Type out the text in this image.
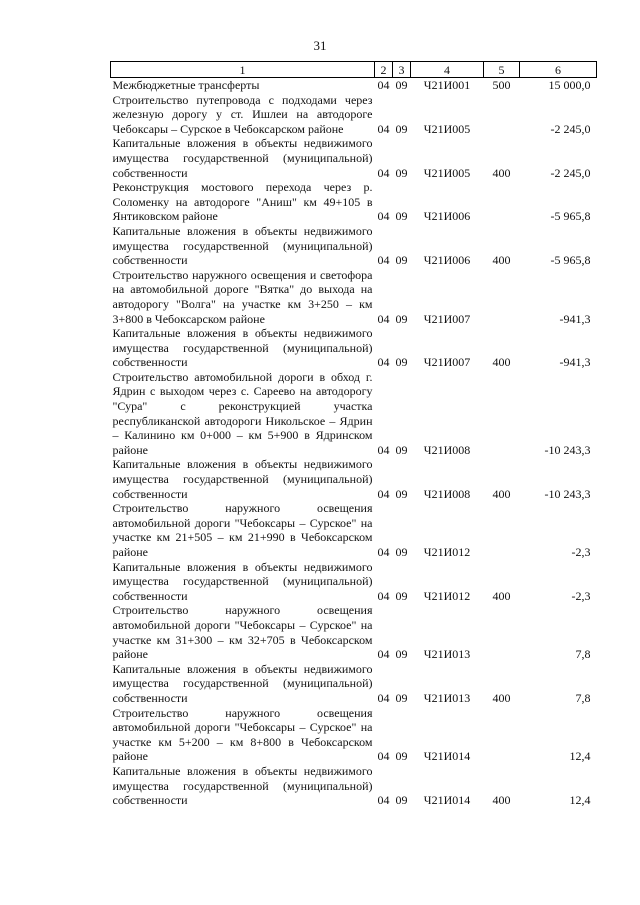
31
1	2	3	4	5	6
Межбюджетные трансферты	04	09	Ч21И001	500	15 000,0
Строительство путепровода с подходами через железную дорогу у ст. Ишлеи на автодороге Чебоксары – Сурское в Чебоксарском районе	04	09	Ч21И005		-2 245,0
Капитальные вложения в объекты недвижимого имущества государственной (муниципальной) собственности	04	09	Ч21И005	400	-2 245,0
Реконструкция мостового перехода через р. Соломенку на автодороге "Аниш" км 49+105 в Янтиковском районе	04	09	Ч21И006		-5 965,8
Капитальные вложения в объекты недвижимого имущества государственной (муниципальной) собственности	04	09	Ч21И006	400	-5 965,8
Строительство наружного освещения и светофора на автомобильной дороге "Вятка" до выхода на автодорогу "Волга" на участке км 3+250 – км 3+800 в Чебоксарском районе	04	09	Ч21И007		-941,3
Капитальные вложения в объекты недвижимого имущества государственной (муниципальной) собственности	04	09	Ч21И007	400	-941,3
Строительство автомобильной дороги в обход г. Ядрин с выходом через с. Сареево на автодорогу "Сура" с реконструкцией участка республиканской автодороги Никольское – Ядрин – Калинино км 0+000 – км 5+900 в Ядринском районе	04	09	Ч21И008		-10 243,3
Капитальные вложения в объекты недвижимого имущества государственной (муниципальной) собственности	04	09	Ч21И008	400	-10 243,3
Строительство наружного освещения автомобильной дороги "Чебоксары – Сурское" на участке км 21+505 – км 21+990 в Чебоксарском районе	04	09	Ч21И012		-2,3
Капитальные вложения в объекты недвижимого имущества государственной (муниципальной) собственности	04	09	Ч21И012	400	-2,3
Строительство наружного освещения автомобильной дороги "Чебоксары – Сурское" на участке км 31+300 – км 32+705 в Чебоксарском районе	04	09	Ч21И013		7,8
Капитальные вложения в объекты недвижимого имущества государственной (муниципальной) собственности	04	09	Ч21И013	400	7,8
Строительство наружного освещения автомобильной дороги "Чебоксары – Сурское" на участке км 5+200 – км 8+800 в Чебоксарском районе	04	09	Ч21И014		12,4
Капитальные вложения в объекты недвижимого имущества государственной (муниципальной) собственности	04	09	Ч21И014	400	12,4
